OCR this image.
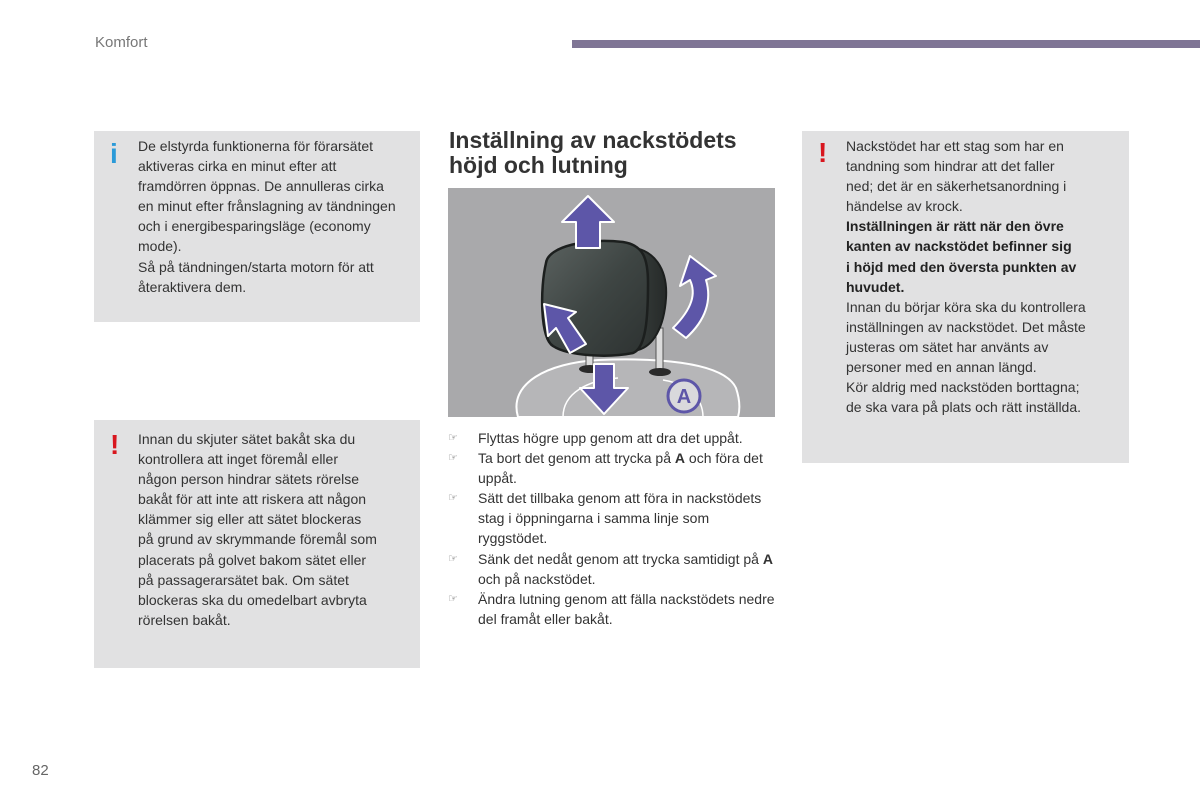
Komfort
i De elstyrda funktionerna för förarsätet

aktiveras cirka en minut efter att

framdörren öppnas. De annulleras cirka

en minut efter frånslagning av tändningen

och i energibesparingsläge (economy

mode).

Så på tändningen/starta motorn för att

återaktivera dem.

! Innan du skjuter sätet bakåt ska du

kontrollera att inget föremål eller

någon person hindrar sätets rörelse

bakåt för att inte att riskera att någon

klämmer sig eller att sätet blockeras

på grund av skrymmande föremål som

placerats på golvet bakom sätet eller

på passagerarsätet bak. Om sätet

blockeras ska du omedelbart avbryta

rörelsen bakåt.

Inställning av nackstödets
höjd och lutning
A
☞ Flyttas högre upp genom att dra det uppåt.
☞ Ta bort det genom att trycka på A och föra det uppåt.
☞ Sätt det tillbaka genom att föra in nackstödets stag i öppningarna i samma linje som ryggstödet.
☞ Sänk det nedåt genom att trycka samtidigt på A och på nackstödet.
☞ Ändra lutning genom att fälla nackstödets nedre del framåt eller bakåt.
! Nackstödet har ett stag som har en

tandning som hindrar att det faller

ned; det är en säkerhetsanordning i

händelse av krock.

Inställningen är rätt när den övre

kanten av nackstödet befinner sig

i höjd med den översta punkten av

huvudet.

Innan du börjar köra ska du kontrollera

inställningen av nackstödet. Det måste

justeras om sätet har använts av

personer med en annan längd.

Kör aldrig med nackstöden borttagna;

de ska vara på plats och rätt inställda.

82
